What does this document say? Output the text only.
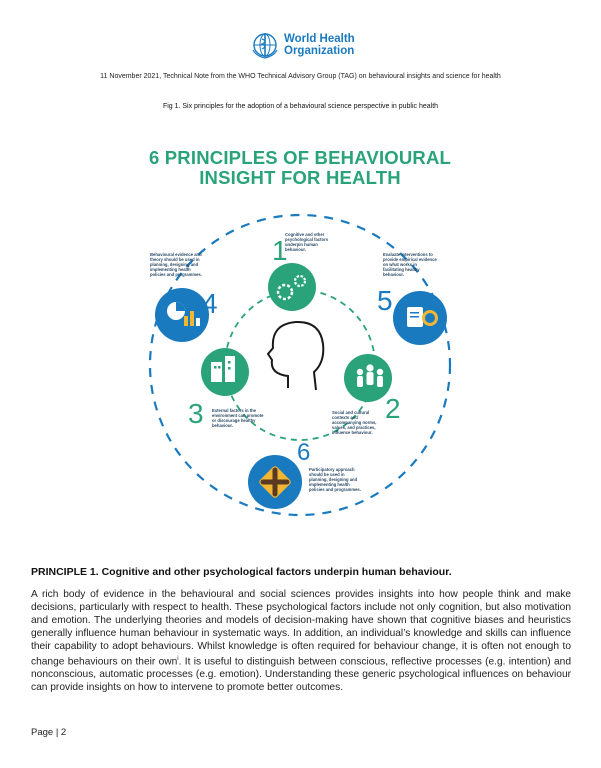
World Health
Organization
11 November 2021, Technical Note from the WHO Technical Advisory Group (TAG) on behavioural insights and science for health
Fig 1. Six principles for the adoption of a behavioural science perspective in public health
6 PRINCIPLES OF BEHAVIOURAL
INSIGHT FOR HEALTH
1
2
3
4	5
6
Cognitive and other psychological factors underpin human behaviour.
Social and cultural contexts and accompanying norms, values, and practices, influence behaviour.
External factors in the environment can promote or discourage healthy behaviour.
Behavioural evidence and theory should be used in planning, designing and implementing health policies and programmes.
Evaluate interventions to provide empirical evidence on what works in facilitating healthy behaviour.
Participatory approach should be used in planning, designing and implementing health policies and programmes.
PRINCIPLE 1. Cognitive and other psychological factors underpin human behaviour.

A rich body of evidence in the behavioural and social sciences provides insights into how people think and make decisions, particularly with respect to health. These psychological factors include not only cognition, but also motivation and emotion. The underlying theories and models of decision-making have shown that cognitive biases and heuristics generally influence human behaviour in systematic ways. In addition, an individual’s knowledge and skills can influence their capability to adopt behaviours. Whilst knowledge is often required for behaviour change, it is often not enough to change behaviours on their own$^i$. It is useful to distinguish between conscious, reflective processes (e.g. intention) and nonconscious, automatic processes (e.g. emotion). Understanding these generic psychological influences on behaviour can provide insights on how to intervene to promote better outcomes.

Page | 2
